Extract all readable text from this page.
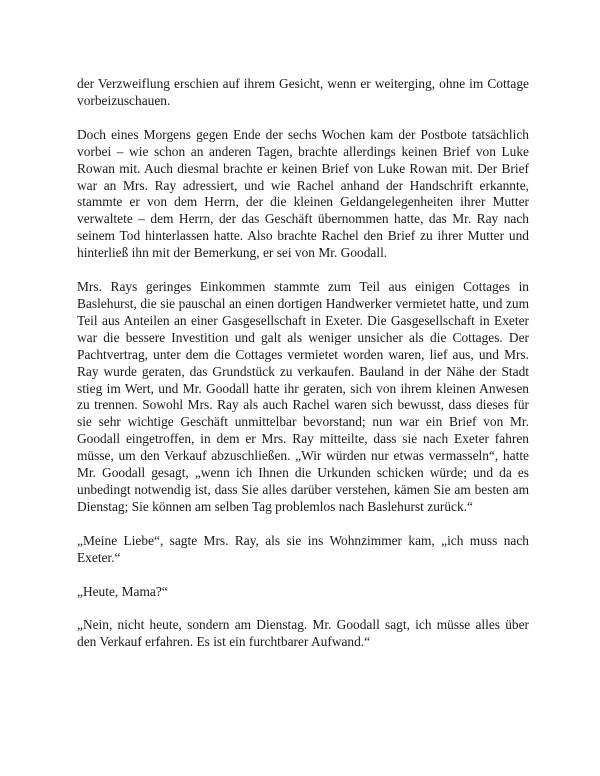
der Verzweiflung erschien auf ihrem Gesicht, wenn er weiterging, ohne im Cottage vorbeizuschauen.

Doch eines Morgens gegen Ende der sechs Wochen kam der Postbote tatsächlich vorbei – wie schon an anderen Tagen, brachte allerdings keinen Brief von Luke Rowan mit. Auch diesmal brachte er keinen Brief von Luke Rowan mit. Der Brief war an Mrs. Ray adressiert, und wie Rachel anhand der Handschrift erkannte, stammte er von dem Herrn, der die kleinen Geldangelegenheiten ihrer Mutter verwaltete – dem Herrn, der das Geschäft übernommen hatte, das Mr. Ray nach seinem Tod hinterlassen hatte. Also brachte Rachel den Brief zu ihrer Mutter und hinterließ ihn mit der Bemerkung, er sei von Mr. Goodall.

Mrs. Rays geringes Einkommen stammte zum Teil aus einigen Cottages in Baslehurst, die sie pauschal an einen dortigen Handwerker vermietet hatte, und zum Teil aus Anteilen an einer Gasgesellschaft in Exeter. Die Gasgesellschaft in Exeter war die bessere Investition und galt als weniger unsicher als die Cottages. Der Pachtvertrag, unter dem die Cottages vermietet worden waren, lief aus, und Mrs. Ray wurde geraten, das Grundstück zu verkaufen. Bauland in der Nähe der Stadt stieg im Wert, und Mr. Goodall hatte ihr geraten, sich von ihrem kleinen Anwesen zu trennen. Sowohl Mrs. Ray als auch Rachel waren sich bewusst, dass dieses für sie sehr wichtige Geschäft unmittelbar bevorstand; nun war ein Brief von Mr. Goodall eingetroffen, in dem er Mrs. Ray mitteilte, dass sie nach Exeter fahren müsse, um den Verkauf abzuschließen. „Wir würden nur etwas vermasseln“, hatte Mr. Goodall gesagt, „wenn ich Ihnen die Urkunden schicken würde; und da es unbedingt notwendig ist, dass Sie alles darüber verstehen, kämen Sie am besten am Dienstag; Sie können am selben Tag problemlos nach Baslehurst zurück.“

„Meine Liebe“, sagte Mrs. Ray, als sie ins Wohnzimmer kam, „ich muss nach Exeter.“

„Heute, Mama?“

„Nein, nicht heute, sondern am Dienstag. Mr. Goodall sagt, ich müsse alles über den Verkauf erfahren. Es ist ein furchtbarer Aufwand.“
